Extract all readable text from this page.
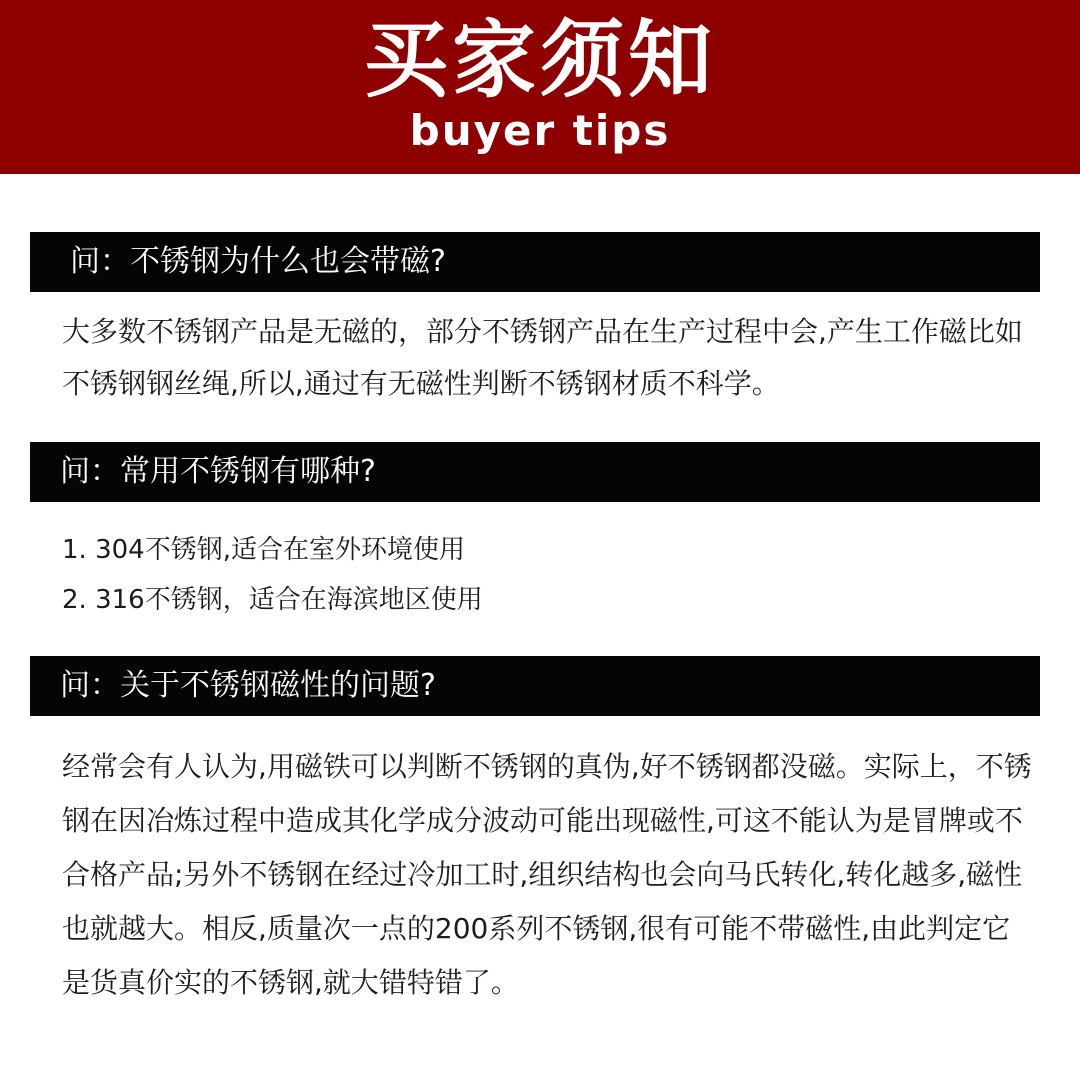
买家须知
buyer tips
问：不锈钢为什么也会带磁?
大多数不锈钢产品是无磁的，部分不锈钢产品在生产过程中会,产生工作磁比如不锈钢钢丝绳,所以,通过有无磁性判断不锈钢材质不科学。
问：常用不锈钢有哪种?
1. 304不锈钢,适合在室外环境使用
2. 316不锈钢，适合在海滨地区使用
问：关于不锈钢磁性的问题?
经常会有人认为,用磁铁可以判断不锈钢的真伪,好不锈钢都没磁。实际上，不锈钢在因冶炼过程中造成其化学成分波动可能出现磁性,可这不能认为是冒牌或不合格产品;另外不锈钢在经过冷加工时,组织结构也会向马氏转化,转化越多,磁性也就越大。相反,质量次一点的200系列不锈钢,很有可能不带磁性,由此判定它是货真价实的不锈钢,就大错特错了。
